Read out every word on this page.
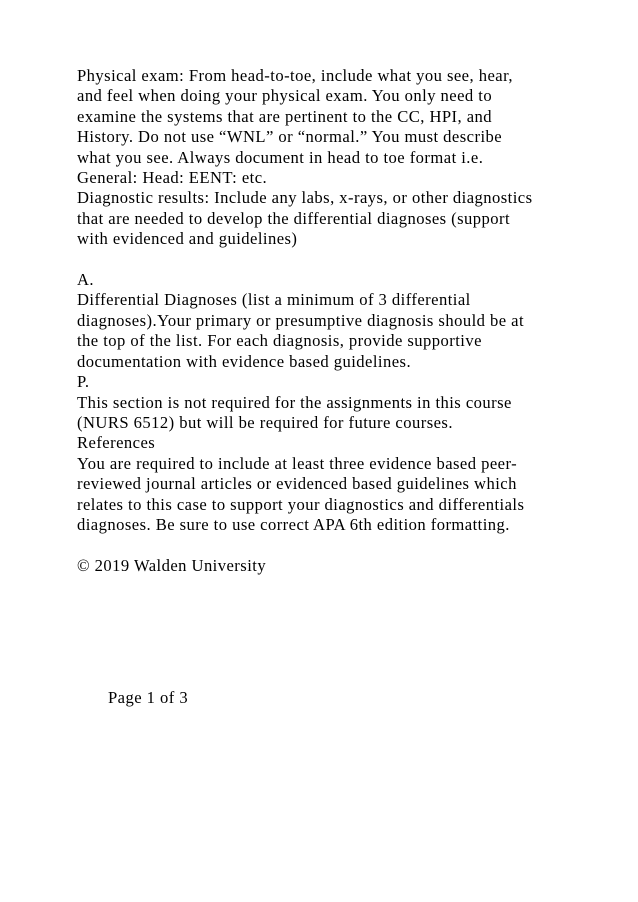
Physical exam: From head-to-toe, include what you see, hear,
and feel when doing your physical exam. You only need to
examine the systems that are pertinent to the CC, HPI, and
History. Do not use “WNL” or “normal.” You must describe
what you see. Always document in head to toe format i.e.
General: Head: EENT: etc.
Diagnostic results: Include any labs, x-rays, or other diagnostics
that are needed to develop the differential diagnoses (support
with evidenced and guidelines)

A.
Differential Diagnoses (list a minimum of 3 differential
diagnoses).Your primary or presumptive diagnosis should be at
the top of the list. For each diagnosis, provide supportive
documentation with evidence based guidelines.
P.
This section is not required for the assignments in this course
(NURS 6512) but will be required for future courses.
References
You are required to include at least three evidence based peer-
reviewed journal articles or evidenced based guidelines which
relates to this case to support your diagnostics and differentials
diagnoses. Be sure to use correct APA 6th edition formatting.

© 2019 Walden University

Page 1 of 3
